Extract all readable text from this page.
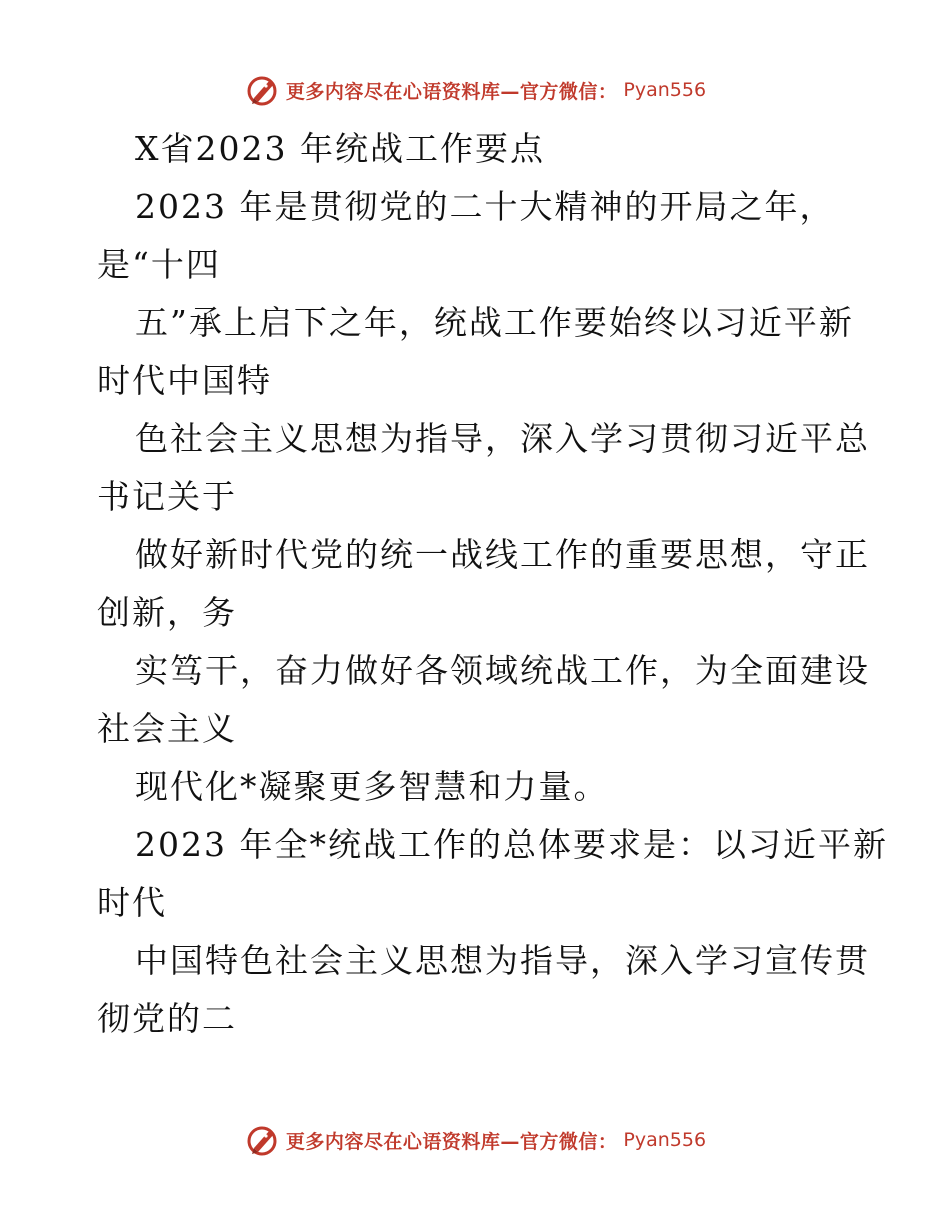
更多内容尽在心语资料库—官方微信： Pyan556
X省2023 年统战工作要点
2023 年是贯彻党的二十大精神的开局之年，
是“十四
五”承上启下之年，统战工作要始终以习近平新
时代中国特
色社会主义思想为指导，深入学习贯彻习近平总
书记关于
做好新时代党的统一战线工作的重要思想，守正
创新，务
实笃干，奋力做好各领域统战工作，为全面建设
社会主义
现代化*凝聚更多智慧和力量。
2023 年全*统战工作的总体要求是：以习近平新
时代
中国特色社会主义思想为指导，深入学习宣传贯
彻党的二
更多内容尽在心语资料库—官方微信： Pyan556
